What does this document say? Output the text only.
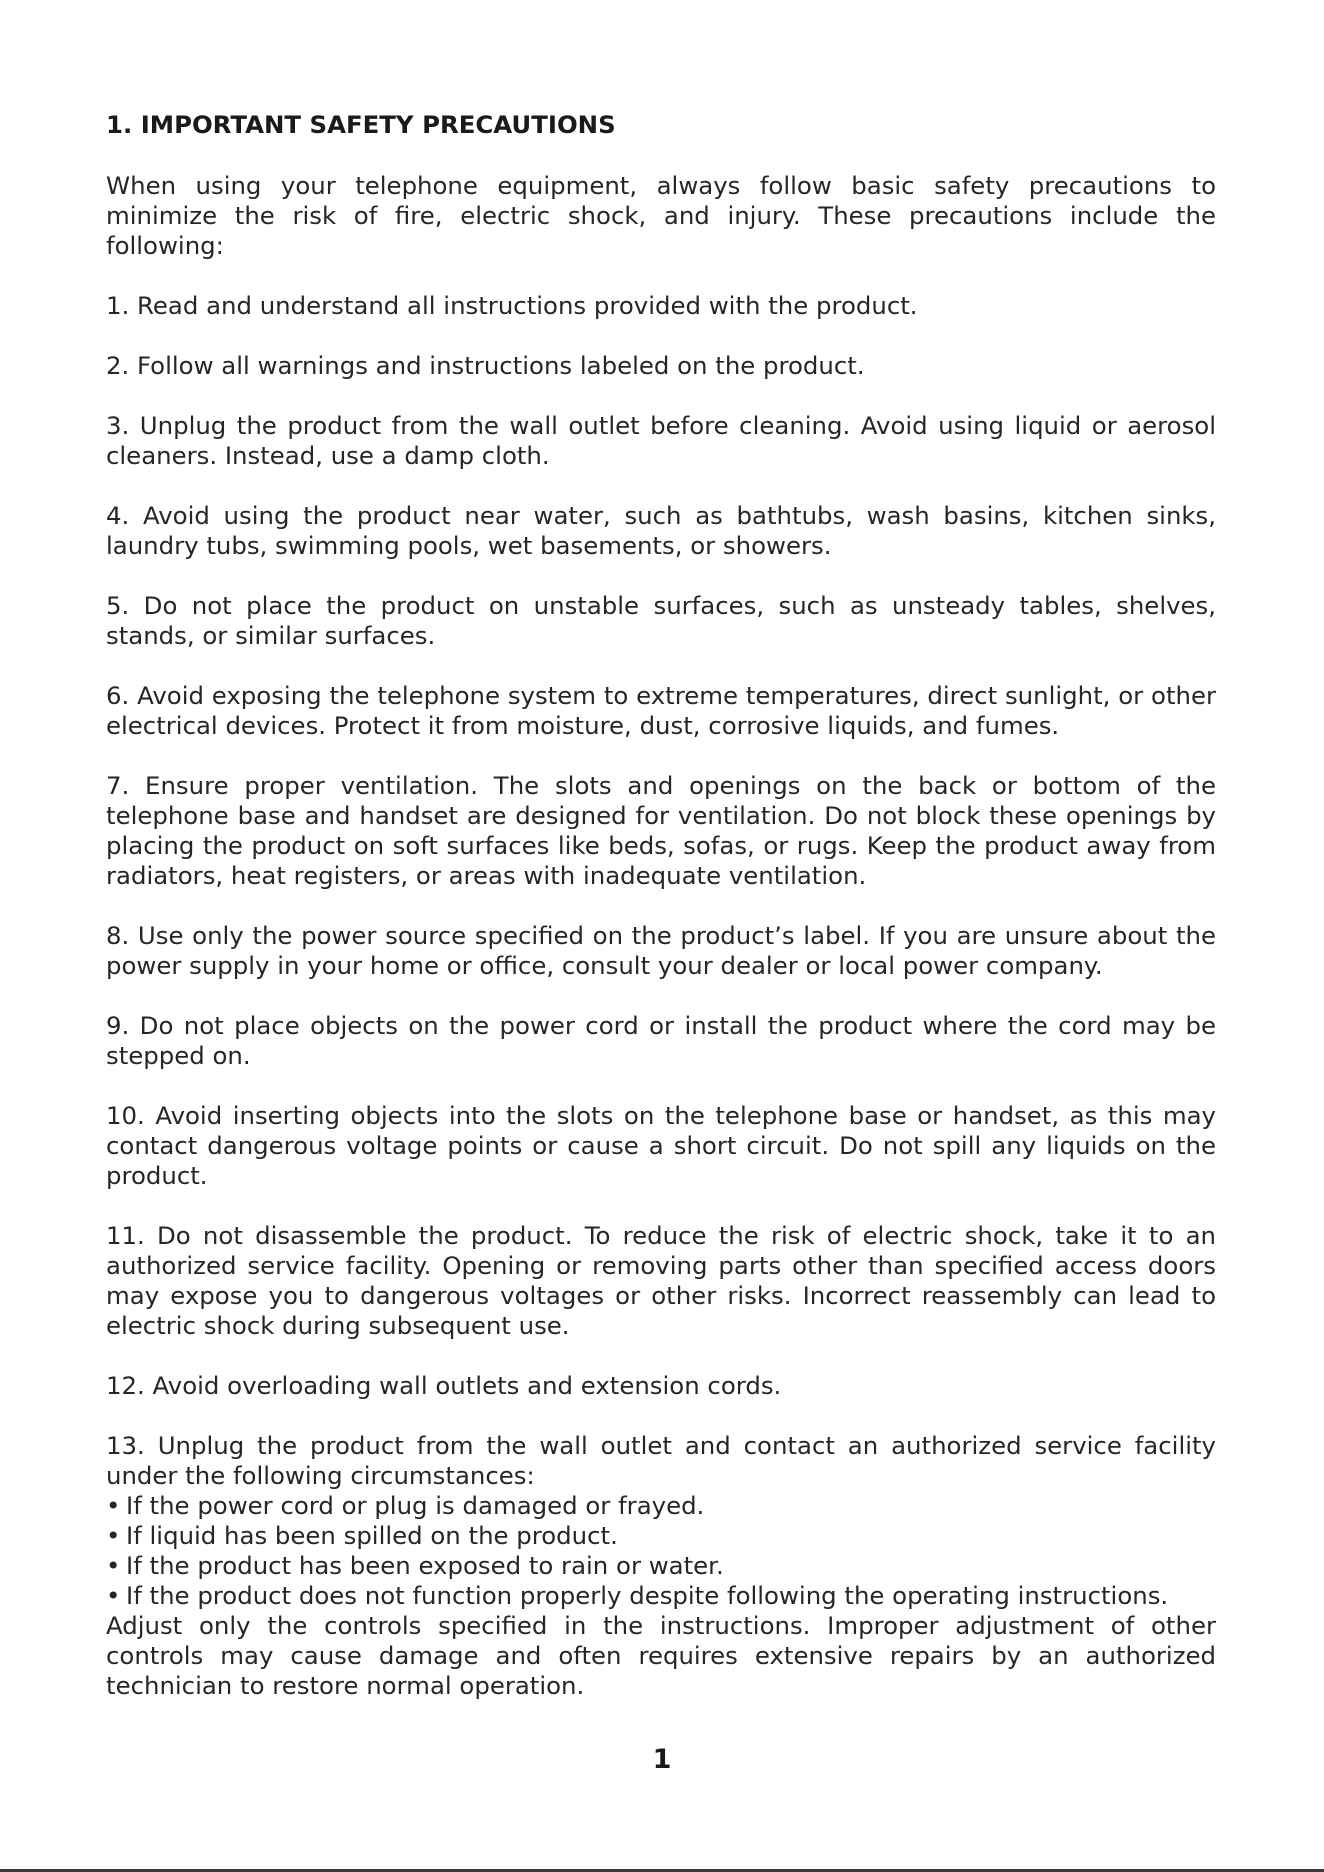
1. IMPORTANT SAFETY PRECAUTIONS

When using your telephone equipment, always follow basic safety precautions to minimize the risk of fire, electric shock, and injury. These precautions include the following:

1. Read and understand all instructions provided with the product.

2. Follow all warnings and instructions labeled on the product.

3. Unplug the product from the wall outlet before cleaning. Avoid using liquid or aerosol cleaners. Instead, use a damp cloth.

4. Avoid using the product near water, such as bathtubs, wash basins, kitchen sinks, laundry tubs, swimming pools, wet basements, or showers.

5. Do not place the product on unstable surfaces, such as unsteady tables, shelves, stands, or similar surfaces.

6. Avoid exposing the telephone system to extreme temperatures, direct sunlight, or other electrical devices. Protect it from moisture, dust, corrosive liquids, and fumes.

7. Ensure proper ventilation. The slots and openings on the back or bottom of the telephone base and handset are designed for ventilation. Do not block these openings by placing the product on soft surfaces like beds, sofas, or rugs. Keep the product away from radiators, heat registers, or areas with inadequate ventilation.

8. Use only the power source specified on the product’s label. If you are unsure about the power supply in your home or office, consult your dealer or local power company.

9. Do not place objects on the power cord or install the product where the cord may be stepped on.

10. Avoid inserting objects into the slots on the telephone base or handset, as this may contact dangerous voltage points or cause a short circuit. Do not spill any liquids on the product.

11. Do not disassemble the product. To reduce the risk of electric shock, take it to an authorized service facility. Opening or removing parts other than specified access doors may expose you to dangerous voltages or other risks. Incorrect reassembly can lead to electric shock during subsequent use.

12. Avoid overloading wall outlets and extension cords.

13. Unplug the product from the wall outlet and contact an authorized service facility under the following circumstances:

• If the power cord or plug is damaged or frayed.
• If liquid has been spilled on the product.
• If the product has been exposed to rain or water.
• If the product does not function properly despite following the operating instructions.

Adjust only the controls specified in the instructions. Improper adjustment of other controls may cause damage and often requires extensive repairs by an authorized technician to restore normal operation.

1
